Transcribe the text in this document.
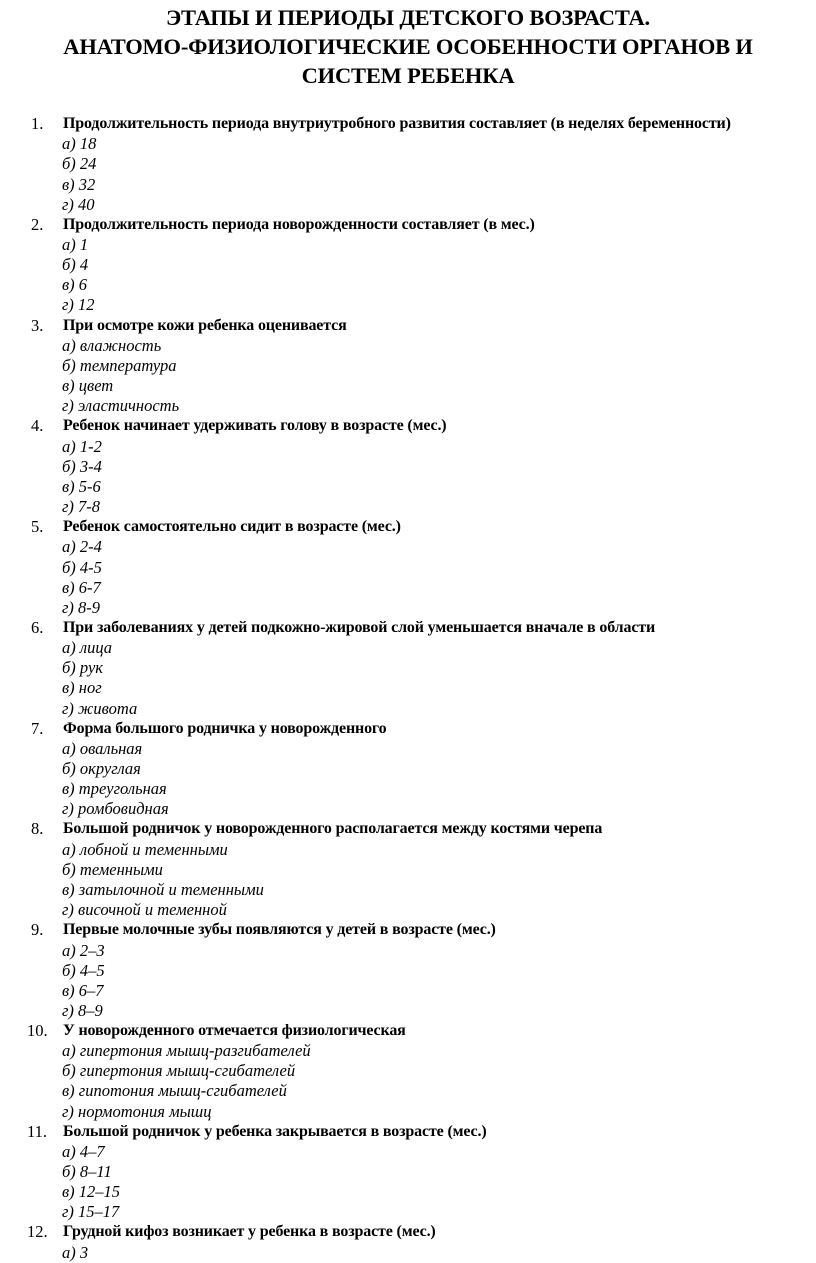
ЭТАПЫ И ПЕРИОДЫ ДЕТСКОГО ВОЗРАСТА.
АНАТОМО-ФИЗИОЛОГИЧЕСКИЕ ОСОБЕННОСТИ ОРГАНОВ И
СИСТЕМ РЕБЕНКА
1. Продолжительность периода внутриутробного развития составляет (в неделях беременности)
а) 18
б) 24
в) 32
г) 40
2. Продолжительность периода новорожденности составляет (в мес.)
а) 1
б) 4
в) 6
г) 12
3. При осмотре кожи ребенка оценивается
а) влажность
б) температура
в) цвет
г) эластичность
4. Ребенок начинает удерживать голову в возрасте (мес.)
а) 1-2
б) 3-4
в) 5-6
г) 7-8
5. Ребенок самостоятельно сидит в возрасте (мес.)
а) 2-4
б) 4-5
в) 6-7
г) 8-9
6. При заболеваниях у детей подкожно-жировой слой уменьшается вначале в области
а) лица
б) рук
в) ног
г) живота
7. Форма большого родничка у новорожденного
а) овальная
б) округлая
в) треугольная
г) ромбовидная
8. Большой родничок у новорожденного располагается между костями черепа
а) лобной и теменными
б) теменными
в) затылочной и теменными
г) височной и теменной
9. Первые молочные зубы появляются у детей в возрасте (мес.)
а) 2–3
б) 4–5
в) 6–7
г) 8–9
10. У новорожденного отмечается физиологическая
а) гипертония мышц-разгибателей
б) гипертония мышц-сгибателей
в) гипотония мышц-сгибателей
г) нормотония мышц
11. Большой родничок у ребенка закрывается в возрасте (мес.)
а) 4–7
б) 8–11
в) 12–15
г) 15–17
12. Грудной кифоз возникает у ребенка в возрасте (мес.)
а) 3
